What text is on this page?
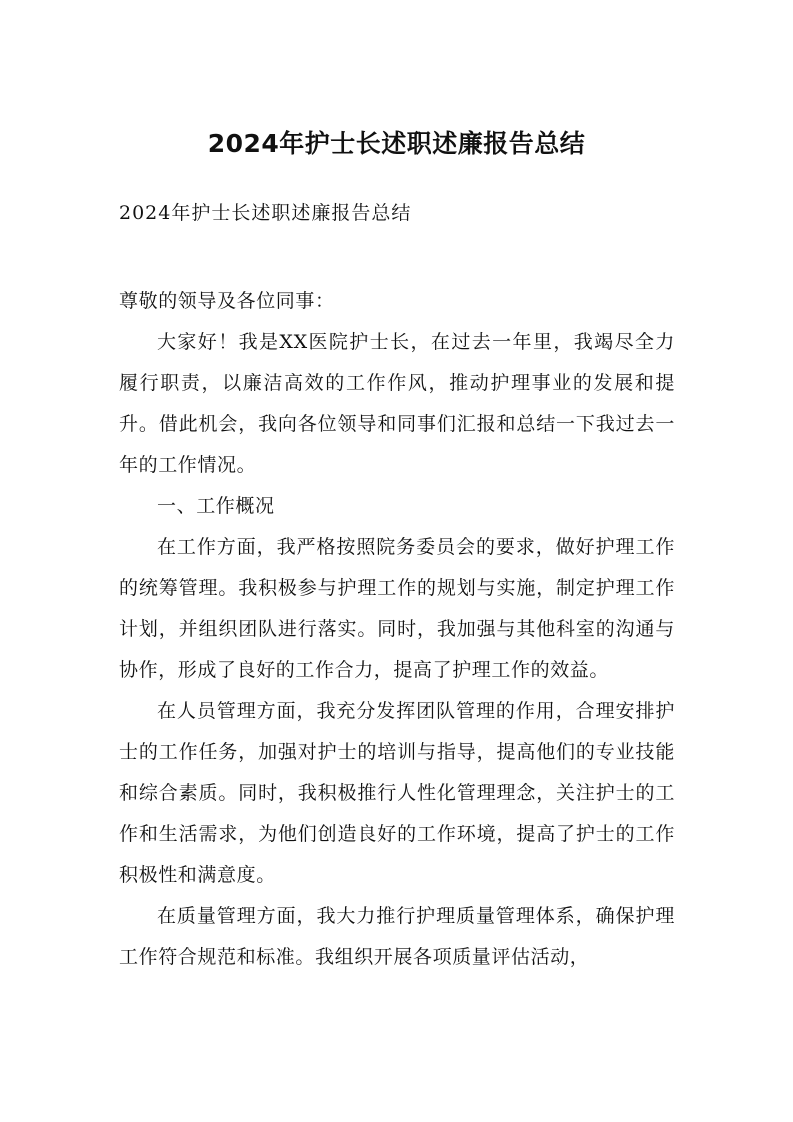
2024年护士长述职述廉报告总结

2024年护士长述职述廉报告总结

尊敬的领导及各位同事：

大家好！我是XX医院护士长，在过去一年里，我竭尽全力履行职责，以廉洁高效的工作作风，推动护理事业的发展和提升。借此机会，我向各位领导和同事们汇报和总结一下我过去一年的工作情况。

一、工作概况

在工作方面，我严格按照院务委员会的要求，做好护理工作的统筹管理。我积极参与护理工作的规划与实施，制定护理工作计划，并组织团队进行落实。同时，我加强与其他科室的沟通与协作，形成了良好的工作合力，提高了护理工作的效益。

在人员管理方面，我充分发挥团队管理的作用，合理安排护士的工作任务，加强对护士的培训与指导，提高他们的专业技能和综合素质。同时，我积极推行人性化管理理念，关注护士的工作和生活需求，为他们创造良好的工作环境，提高了护士的工作积极性和满意度。

在质量管理方面，我大力推行护理质量管理体系，确保护理工作符合规范和标准。我组织开展各项质量评估活动，
